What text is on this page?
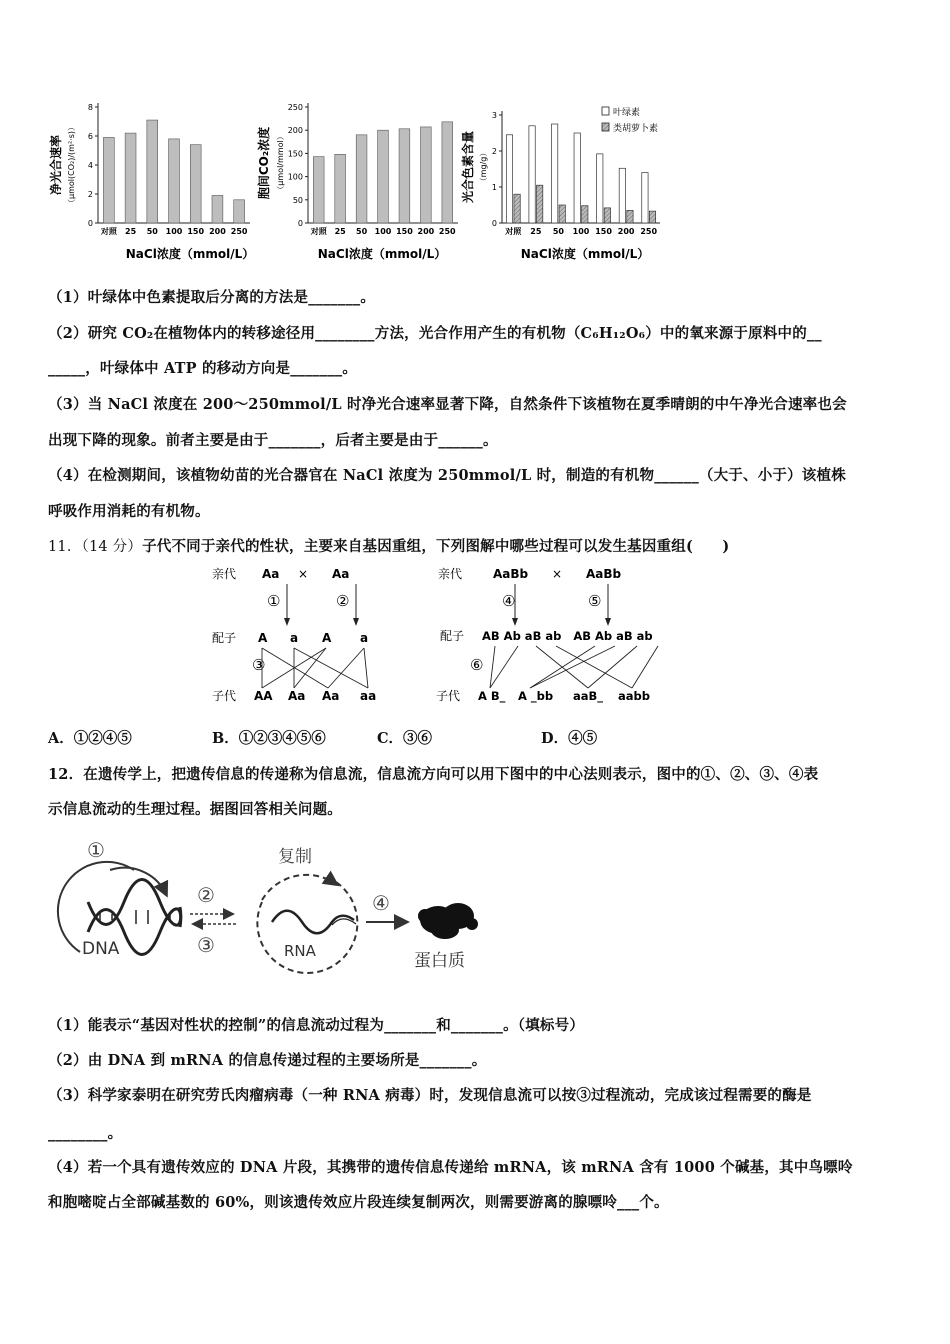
净光合速率 （μmol(CO₂)/(m²·s)）
0
2
4
6
8
对照 25 50 100 150 200 250
NaCl浓度（mmol/L）
胞间CO₂浓度 （μmol/mmol）
0
50
100
150
200
250
对照 25 50 100 150 200 250
NaCl浓度（mmol/L）
光合色素含量 （mg/g）
0
1
2
3
对照 25 50 100 150 200 250
NaCl浓度（mmol/L）
叶绿素
类胡萝卜素
（1）叶绿体中色素提取后分离的方法是_______。
（2）研究 CO₂在植物体内的转移途径用________方法，光合作用产生的有机物（C₆H₁₂O₆）中的氧来源于原料中的__
_____，叶绿体中 ATP 的移动方向是_______。
（3）当 NaCl 浓度在 200～250mmol/L 时净光合速率显著下降，自然条件下该植物在夏季晴朗的中午净光合速率也会
出现下降的现象。前者主要是由于_______，后者主要是由于______。
（4）在检测期间，该植物幼苗的光合器官在 NaCl 浓度为 250mmol/L 时，制造的有机物______（大于、小于）该植株
呼吸作用消耗的有机物。
11．（14 分）子代不同于亲代的性状，主要来自基因重组，下列图解中哪些过程可以发生基因重组(　　)
亲代 Aa × Aa
①	②
配子 A a A a
③
子代 AA Aa Aa aa
亲代	AaBb × AaBb
④	⑤
配子 AB Ab aB ab   AB Ab aB ab
⑥
子代 A B_ A _bb aaB_ aabb
A．①②④⑤	B．①②③④⑤⑥	C．③⑥	D．④⑤
12．在遗传学上，把遗传信息的传递称为信息流，信息流方向可以用下图中的中心法则表示，图中的①、②、③、④表
示信息流动的生理过程。据图回答相关问题。
①
DNA
②
③
复制
RNA
④
蛋白质
（1）能表示“基因对性状的控制”的信息流动过程为_______和_______。（填标号）
（2）由 DNA 到 mRNA 的信息传递过程的主要场所是_______。
（3）科学家泰明在研究劳氏肉瘤病毒（一种 RNA 病毒）时，发现信息流可以按③过程流动，完成该过程需要的酶是
________。
（4）若一个具有遗传效应的 DNA 片段，其携带的遗传信息传递给 mRNA，该 mRNA 含有 1000 个碱基，其中鸟嘌呤
和胞嘧啶占全部碱基数的 60%，则该遗传效应片段连续复制两次，则需要游离的腺嘌呤___个。
